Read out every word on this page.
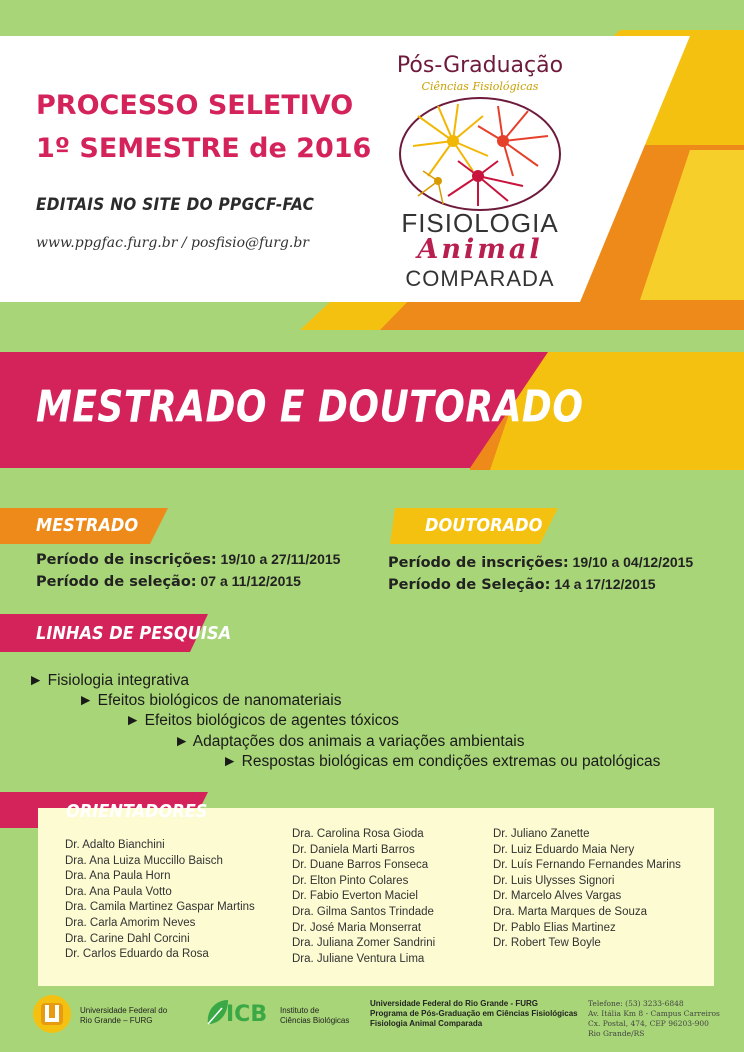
PROCESSO SELETIVO
1º SEMESTRE de 2016
EDITAIS NO SITE DO PPGCF-FAC
www.ppgfac.furg.br / posfisio@furg.br
Pós-Graduação
Ciências Fisiológicas
FISIOLOGIA
Animal
COMPARADA
MESTRADO E DOUTORADO
MESTRADO
Período de inscrições: 19/10 a 27/11/2015
Período de seleção: 07 a 11/12/2015
DOUTORADO
Período de inscrições: 19/10 a 04/12/2015
Período de Seleção: 14 a 17/12/2015
LINHAS DE PESQUISA
► Fisiologia integrativa
► Efeitos biológicos de nanomateriais
► Efeitos biológicos de agentes tóxicos
► Adaptações dos animais a variações ambientais
► Respostas biológicas em condições extremas ou patológicas
Dr. Adalto Bianchini
Dra. Ana Luiza Muccillo Baisch
Dra. Ana Paula Horn
Dra. Ana Paula Votto
Dra. Camila Martinez Gaspar Martins
Dra. Carla Amorim Neves
Dra. Carine Dahl Corcini
Dr. Carlos Eduardo da Rosa
Dra. Carolina Rosa Gioda
Dr. Daniela Marti Barros
Dr. Duane Barros Fonseca
Dr. Elton Pinto Colares
Dr. Fabio Everton Maciel
Dra. Gilma Santos Trindade
Dr. José Maria Monserrat
Dra. Juliana Zomer Sandrini
Dra. Juliane Ventura Lima
Dr. Juliano Zanette
Dr. Luiz Eduardo Maia Nery
Dr. Luís Fernando Fernandes Marins
Dr. Luis Ulysses Signori
Dr. Marcelo Alves Vargas
Dra. Marta Marques de Souza
Dr. Pablo Elias Martinez
Dr. Robert Tew Boyle
ORIENTADORES
Universidade Federal do
Rio Grande – FURG	ICB Instituto de
Ciências Biológicas
Universidade Federal do Rio Grande - FURG
Programa de Pós-Graduação em Ciências Fisiológicas
Fisiologia Animal Comparada
Telefone: (53) 3233-6848
Av. Itália Km 8 - Campus Carreiros
Cx. Postal, 474, CEP 96203-900
Rio Grande/RS
